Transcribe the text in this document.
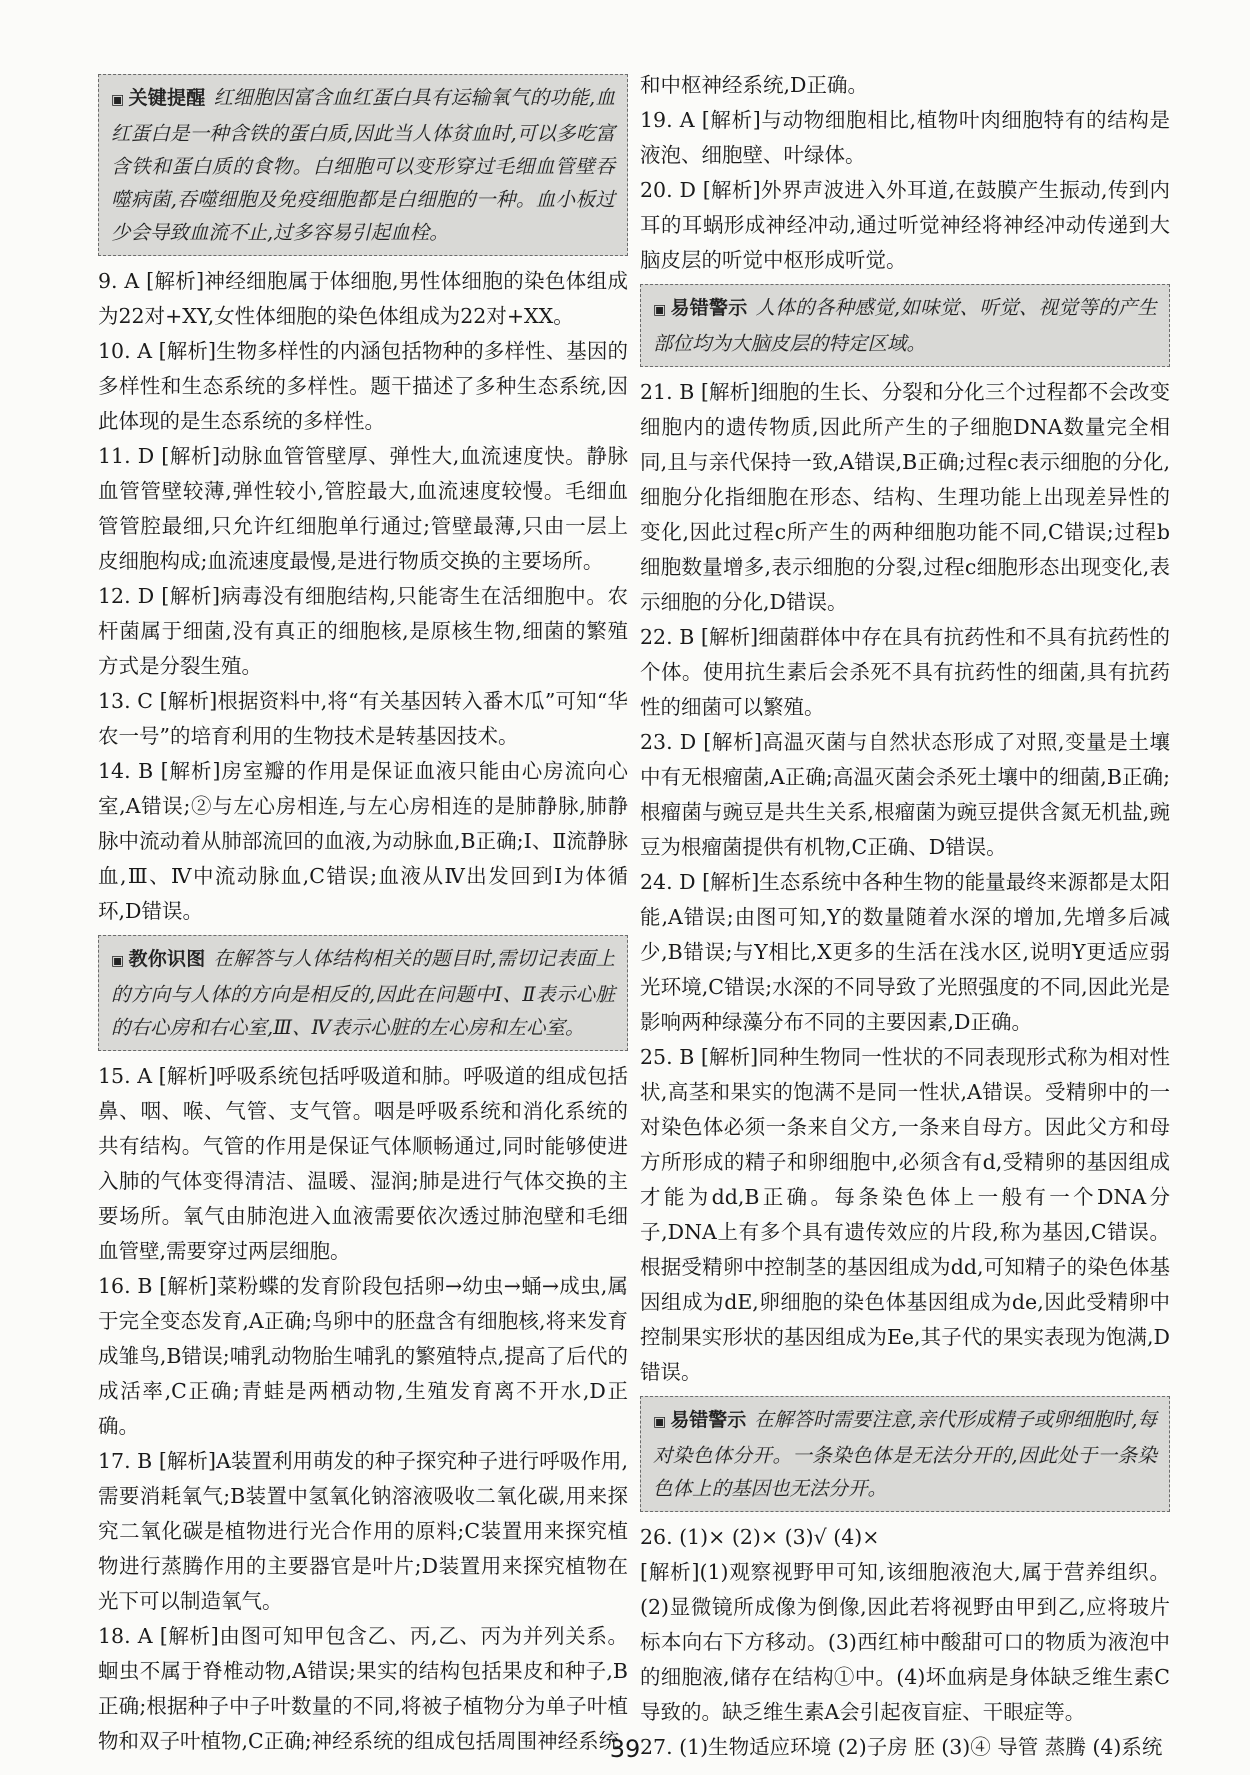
▣ 关键提醒 红细胞因富含血红蛋白具有运输氧气的功能,血红蛋白是一种含铁的蛋白质,因此当人体贫血时,可以多吃富含铁和蛋白质的食物。白细胞可以变形穿过毛细血管壁吞噬病菌,吞噬细胞及免疫细胞都是白细胞的一种。血小板过少会导致血流不止,过多容易引起血栓。

9. A [解析]神经细胞属于体细胞,男性体细胞的染色体组成为22对+XY,女性体细胞的染色体组成为22对+XX。

10. A [解析]生物多样性的内涵包括物种的多样性、基因的多样性和生态系统的多样性。题干描述了多种生态系统,因此体现的是生态系统的多样性。

11. D [解析]动脉血管管壁厚、弹性大,血流速度快。静脉血管管壁较薄,弹性较小,管腔最大,血流速度较慢。毛细血管管腔最细,只允许红细胞单行通过;管壁最薄,只由一层上皮细胞构成;血流速度最慢,是进行物质交换的主要场所。

12. D [解析]病毒没有细胞结构,只能寄生在活细胞中。农杆菌属于细菌,没有真正的细胞核,是原核生物,细菌的繁殖方式是分裂生殖。

13. C [解析]根据资料中,将“有关基因转入番木瓜”可知“华农一号”的培育利用的生物技术是转基因技术。

14. B [解析]房室瓣的作用是保证血液只能由心房流向心室,A错误;②与左心房相连,与左心房相连的是肺静脉,肺静脉中流动着从肺部流回的血液,为动脉血,B正确;Ⅰ、Ⅱ流静脉血,Ⅲ、Ⅳ中流动脉血,C错误;血液从Ⅳ出发回到Ⅰ为体循环,D错误。

▣ 教你识图 在解答与人体结构相关的题目时,需切记表面上的方向与人体的方向是相反的,因此在问题中Ⅰ、Ⅱ表示心脏的右心房和右心室,Ⅲ、Ⅳ表示心脏的左心房和左心室。

15. A [解析]呼吸系统包括呼吸道和肺。呼吸道的组成包括鼻、咽、喉、气管、支气管。咽是呼吸系统和消化系统的共有结构。气管的作用是保证气体顺畅通过,同时能够使进入肺的气体变得清洁、温暖、湿润;肺是进行气体交换的主要场所。氧气由肺泡进入血液需要依次透过肺泡壁和毛细血管壁,需要穿过两层细胞。

16. B [解析]菜粉蝶的发育阶段包括卵→幼虫→蛹→成虫,属于完全变态发育,A正确;鸟卵中的胚盘含有细胞核,将来发育成雏鸟,B错误;哺乳动物胎生哺乳的繁殖特点,提高了后代的成活率,C正确;青蛙是两栖动物,生殖发育离不开水,D正确。

17. B [解析]A装置利用萌发的种子探究种子进行呼吸作用,需要消耗氧气;B装置中氢氧化钠溶液吸收二氧化碳,用来探究二氧化碳是植物进行光合作用的原料;C装置用来探究植物进行蒸腾作用的主要器官是叶片;D装置用来探究植物在光下可以制造氧气。

18. A [解析]由图可知甲包含乙、丙,乙、丙为并列关系。蛔虫不属于脊椎动物,A错误;果实的结构包括果皮和种子,B正确;根据种子中子叶数量的不同,将被子植物分为单子叶植物和双子叶植物,C正确;神经系统的组成包括周围神经系统

和中枢神经系统,D正确。

19. A [解析]与动物细胞相比,植物叶肉细胞特有的结构是液泡、细胞壁、叶绿体。

20. D [解析]外界声波进入外耳道,在鼓膜产生振动,传到内耳的耳蜗形成神经冲动,通过听觉神经将神经冲动传递到大脑皮层的听觉中枢形成听觉。

▣ 易错警示 人体的各种感觉,如味觉、听觉、视觉等的产生部位均为大脑皮层的特定区域。

21. B [解析]细胞的生长、分裂和分化三个过程都不会改变细胞内的遗传物质,因此所产生的子细胞DNA数量完全相同,且与亲代保持一致,A错误,B正确;过程c表示细胞的分化,细胞分化指细胞在形态、结构、生理功能上出现差异性的变化,因此过程c所产生的两种细胞功能不同,C错误;过程b细胞数量增多,表示细胞的分裂,过程c细胞形态出现变化,表示细胞的分化,D错误。

22. B [解析]细菌群体中存在具有抗药性和不具有抗药性的个体。使用抗生素后会杀死不具有抗药性的细菌,具有抗药性的细菌可以繁殖。

23. D [解析]高温灭菌与自然状态形成了对照,变量是土壤中有无根瘤菌,A正确;高温灭菌会杀死土壤中的细菌,B正确;根瘤菌与豌豆是共生关系,根瘤菌为豌豆提供含氮无机盐,豌豆为根瘤菌提供有机物,C正确、D错误。

24. D [解析]生态系统中各种生物的能量最终来源都是太阳能,A错误;由图可知,Y的数量随着水深的增加,先增多后减少,B错误;与Y相比,X更多的生活在浅水区,说明Y更适应弱光环境,C错误;水深的不同导致了光照强度的不同,因此光是影响两种绿藻分布不同的主要因素,D正确。

25. B [解析]同种生物同一性状的不同表现形式称为相对性状,高茎和果实的饱满不是同一性状,A错误。受精卵中的一对染色体必须一条来自父方,一条来自母方。因此父方和母方所形成的精子和卵细胞中,必须含有d,受精卵的基因组成才能为dd,B正确。每条染色体上一般有一个DNA分子,DNA上有多个具有遗传效应的片段,称为基因,C错误。根据受精卵中控制茎的基因组成为dd,可知精子的染色体基因组成为dE,卵细胞的染色体基因组成为de,因此受精卵中控制果实形状的基因组成为Ee,其子代的果实表现为饱满,D错误。

▣ 易错警示 在解答时需要注意,亲代形成精子或卵细胞时,每对染色体分开。一条染色体是无法分开的,因此处于一条染色体上的基因也无法分开。

26. (1)× (2)× (3)√ (4)×

[解析](1)观察视野甲可知,该细胞液泡大,属于营养组织。(2)显微镜所成像为倒像,因此若将视野由甲到乙,应将玻片标本向右下方移动。(3)西红柿中酸甜可口的物质为液泡中的细胞液,储存在结构①中。(4)坏血病是身体缺乏维生素C导致的。缺乏维生素A会引起夜盲症、干眼症等。

27. (1)生物适应环境 (2)子房 胚 (3)④ 导管 蒸腾 (4)系统

39
